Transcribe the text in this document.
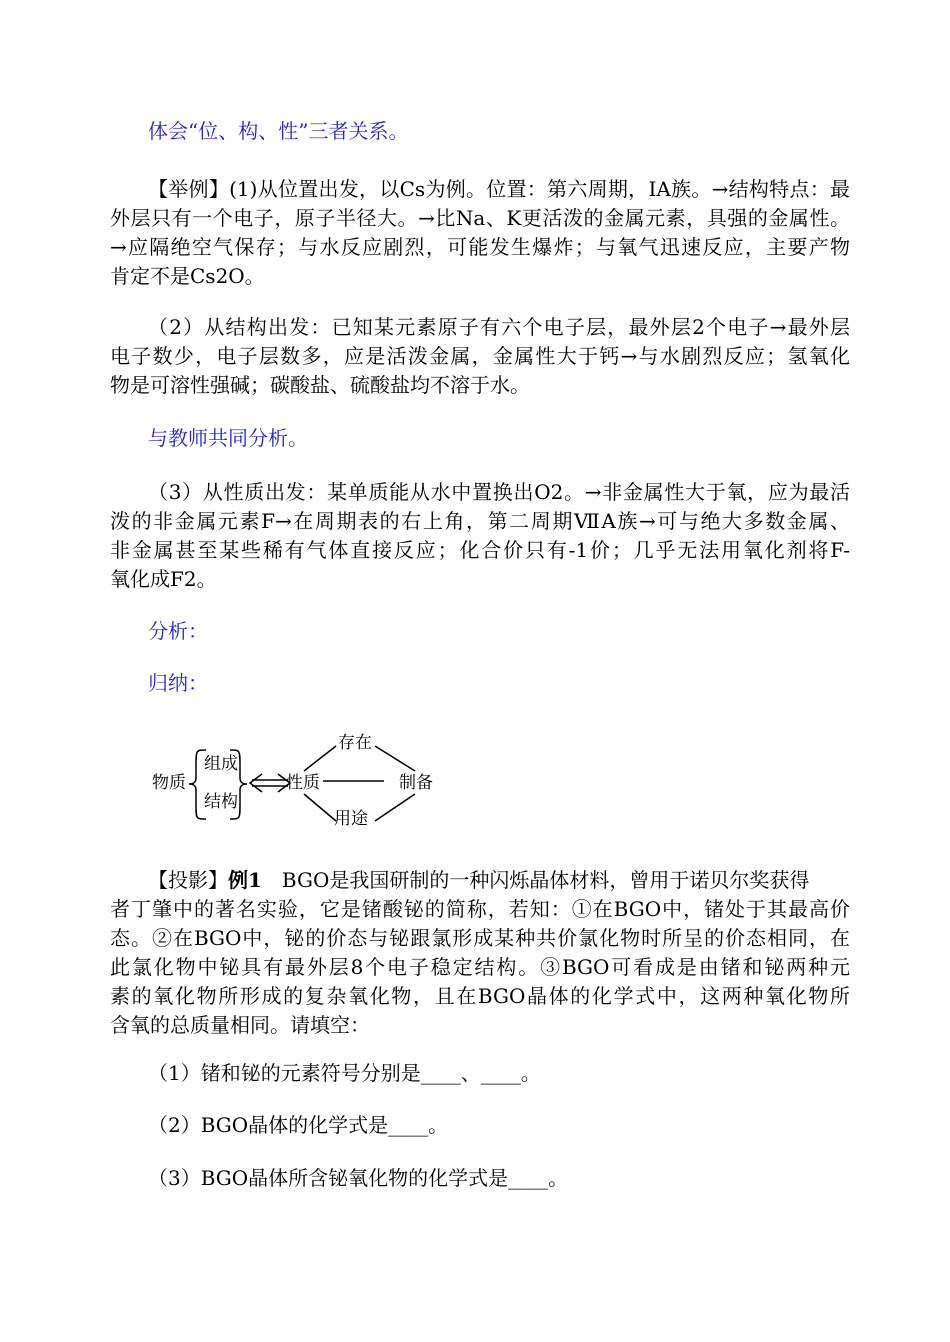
体会“位、构、性”三者关系。
【举例】(1)从位置出发，以Cs为例。位置：第六周期，IA族。→结构特点：最
外层只有一个电子，原子半径大。→比Na、K更活泼的金属元素，具强的金属性。
→应隔绝空气保存；与水反应剧烈，可能发生爆炸；与氧气迅速反应，主要产物
肯定不是Cs2O。
（2）从结构出发：已知某元素原子有六个电子层，最外层2个电子→最外层
电子数少，电子层数多，应是活泼金属，金属性大于钙→与水剧烈反应；氢氧化
物是可溶性强碱；碳酸盐、硫酸盐均不溶于水。
与教师共同分析。
（3）从性质出发：某单质能从水中置换出O2。→非金属性大于氧，应为最活
泼的非金属元素F→在周期表的右上角，第二周期ⅦA族→可与绝大多数金属、
非金属甚至某些稀有气体直接反应；化合价只有-1价；几乎无法用氧化剂将F-
氧化成F2。
分析：
归纳：
物质
组成
结构
性质	制备
存在
用途
【投影】例1　BGO是我国研制的一种闪烁晶体材料，曾用于诺贝尔奖获得
者丁肇中的著名实验，它是锗酸铋的简称，若知：①在BGO中，锗处于其最高价
态。②在BGO中，铋的价态与铋跟氯形成某种共价氯化物时所呈的价态相同，在
此氯化物中铋具有最外层8个电子稳定结构。③BGO可看成是由锗和铋两种元
素的氧化物所形成的复杂氧化物，且在BGO晶体的化学式中，这两种氧化物所
含氧的总质量相同。请填空：
（1）锗和铋的元素符号分别是____、____。
（2）BGO晶体的化学式是____。
（3）BGO晶体所含铋氧化物的化学式是____。
